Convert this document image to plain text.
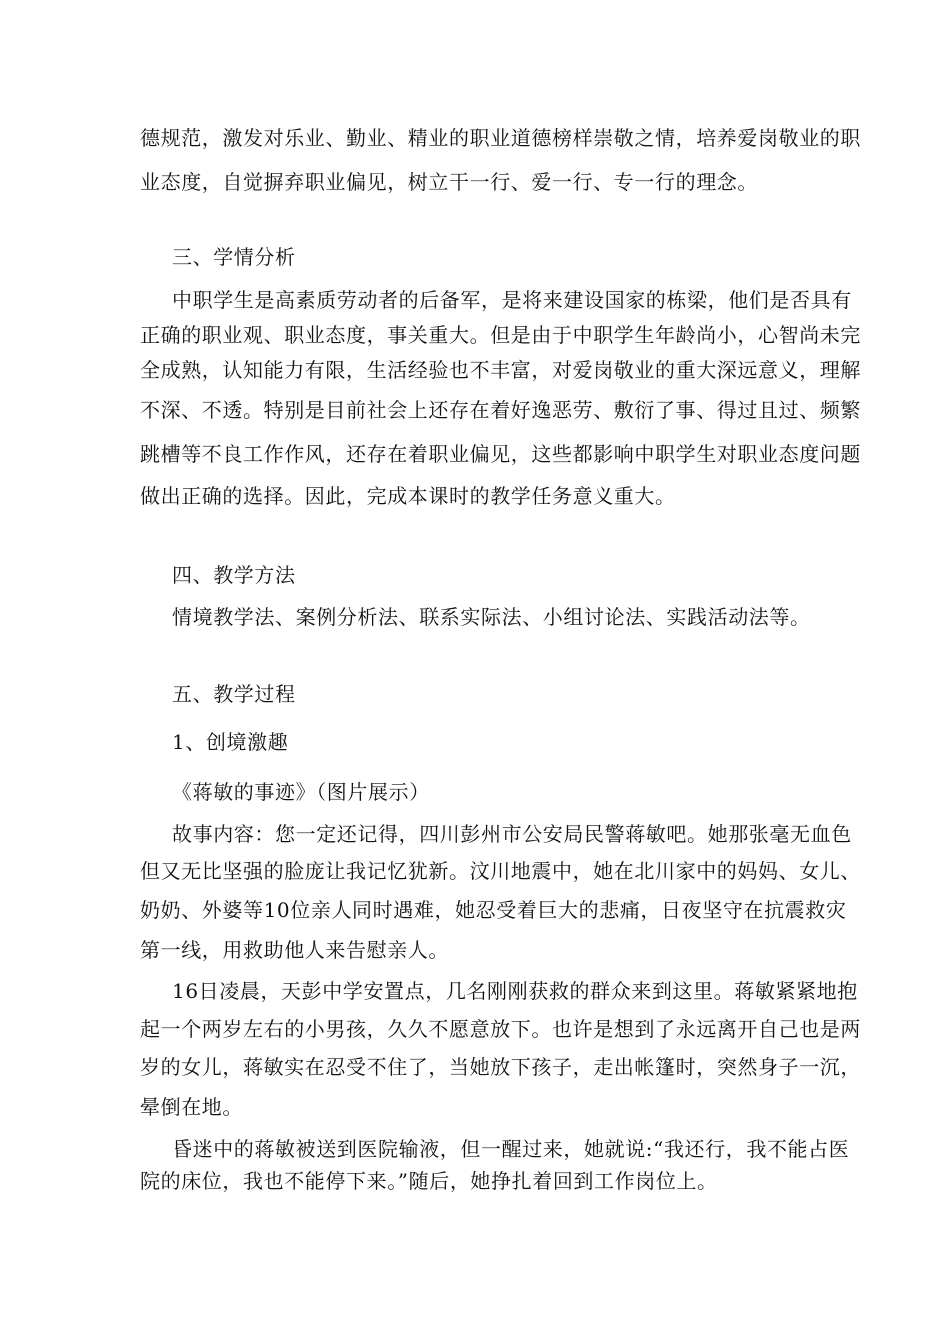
德规范，激发对乐业、勤业、精业的职业道德榜样崇敬之情，培养爱岗敬业的职
业态度，自觉摒弃职业偏见，树立干一行、爱一行、专一行的理念。
三、学情分析
中职学生是高素质劳动者的后备军，是将来建设国家的栋梁，他们是否具有
正确的职业观、职业态度，事关重大。但是由于中职学生年龄尚小，心智尚未完
全成熟，认知能力有限，生活经验也不丰富，对爱岗敬业的重大深远意义，理解
不深、不透。特别是目前社会上还存在着好逸恶劳、敷衍了事、得过且过、频繁
跳槽等不良工作作风，还存在着职业偏见，这些都影响中职学生对职业态度问题
做出正确的选择。因此，完成本课时的教学任务意义重大。
四、教学方法
情境教学法、案例分析法、联系实际法、小组讨论法、实践活动法等。
五、教学过程
1、创境激趣
《蒋敏的事迹》（图片展示）
故事内容：您一定还记得，四川彭州市公安局民警蒋敏吧。她那张毫无血色
但又无比坚强的脸庞让我记忆犹新。汶川地震中，她在北川家中的妈妈、女儿、
奶奶、外婆等10位亲人同时遇难，她忍受着巨大的悲痛，日夜坚守在抗震救灾
第一线，用救助他人来告慰亲人。
16日凌晨，天彭中学安置点，几名刚刚获救的群众来到这里。蒋敏紧紧地抱
起一个两岁左右的小男孩，久久不愿意放下。也许是想到了永远离开自己也是两
岁的女儿，蒋敏实在忍受不住了，当她放下孩子，走出帐篷时，突然身子一沉，
晕倒在地。
昏迷中的蒋敏被送到医院输液，但一醒过来，她就说:“我还行，我不能占医
院的床位，我也不能停下来。”随后，她挣扎着回到工作岗位上。
